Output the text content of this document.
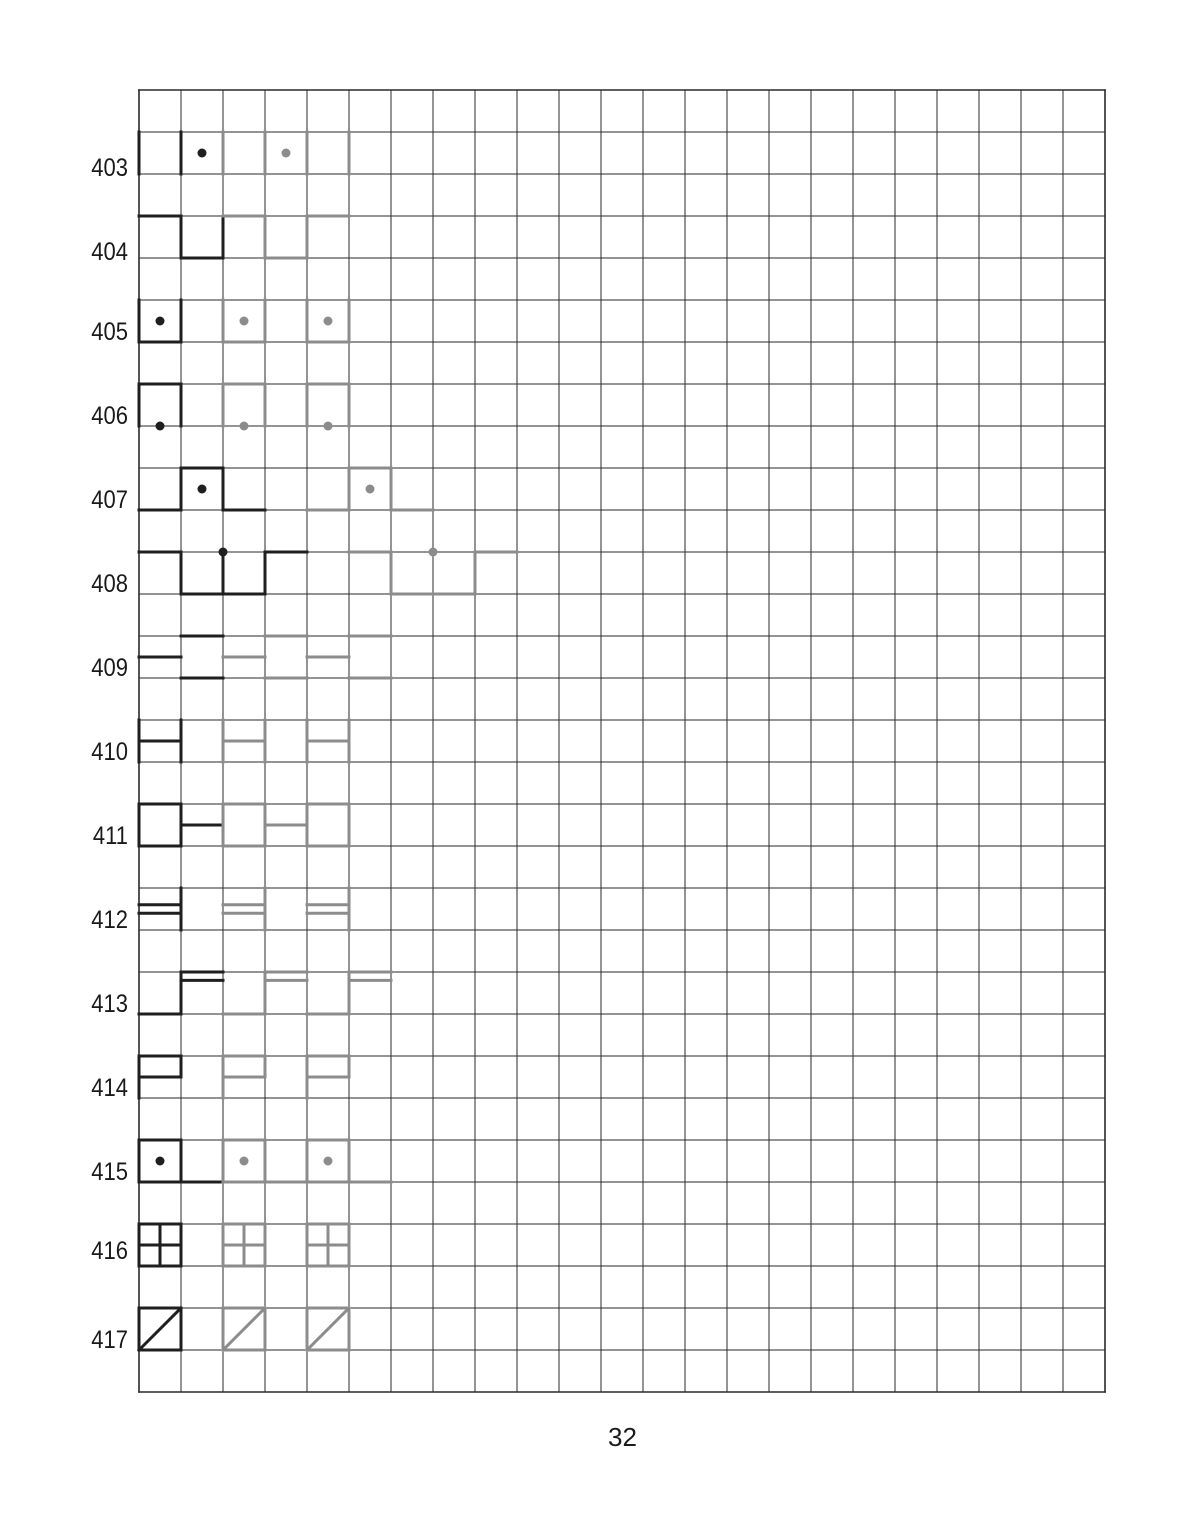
403
404
405
406
407
408
409
410
411
412
413
414
415
416
417
32
